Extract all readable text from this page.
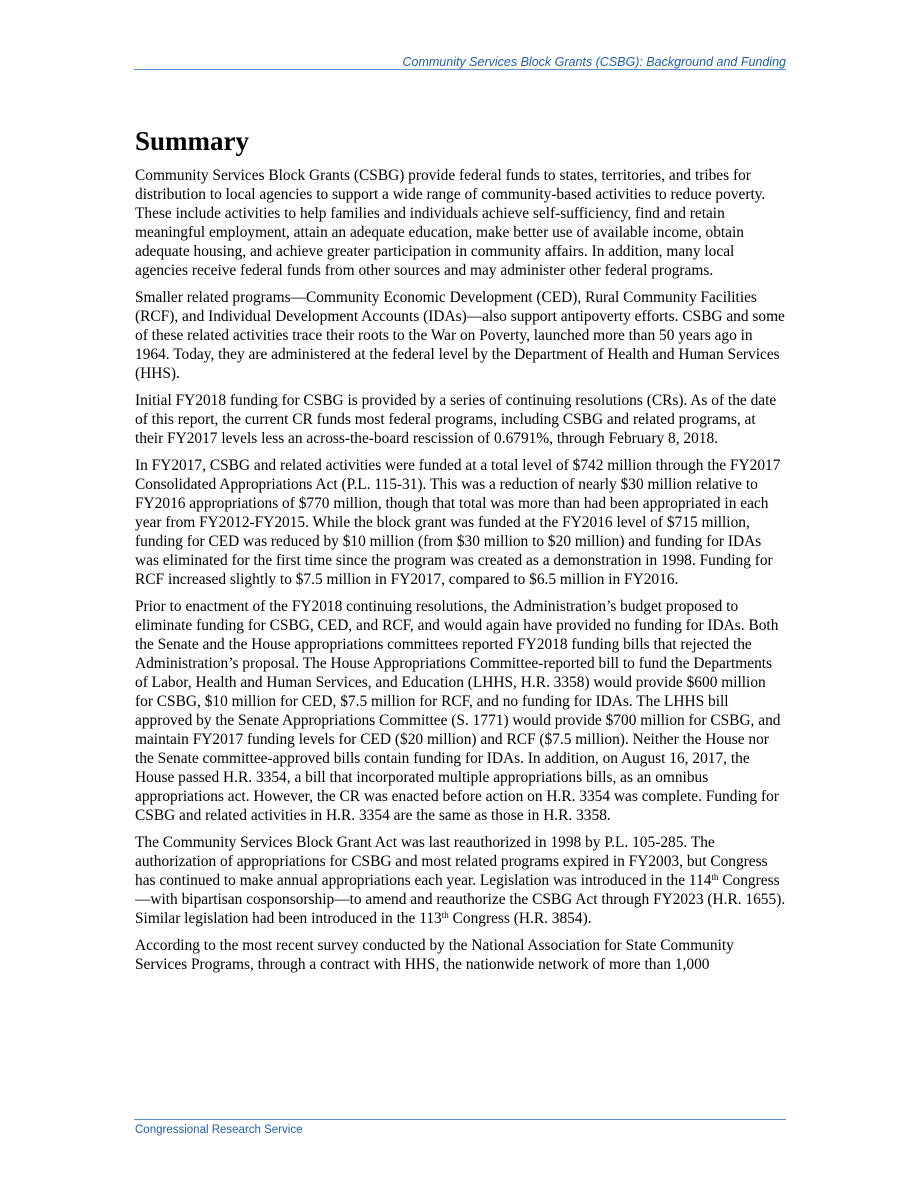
Community Services Block Grants (CSBG): Background and Funding
Summary

Community Services Block Grants (CSBG) provide federal funds to states, territories, and tribes for distribution to local agencies to support a wide range of community-based activities to reduce poverty. These include activities to help families and individuals achieve self-sufficiency, find and retain meaningful employment, attain an adequate education, make better use of available income, obtain adequate housing, and achieve greater participation in community affairs. In addition, many local agencies receive federal funds from other sources and may administer other federal programs.

Smaller related programs—Community Economic Development (CED), Rural Community Facilities (RCF), and Individual Development Accounts (IDAs)—also support antipoverty efforts. CSBG and some of these related activities trace their roots to the War on Poverty, launched more than 50 years ago in 1964. Today, they are administered at the federal level by the Department of Health and Human Services (HHS).

Initial FY2018 funding for CSBG is provided by a series of continuing resolutions (CRs). As of the date of this report, the current CR funds most federal programs, including CSBG and related programs, at their FY2017 levels less an across-the-board rescission of 0.6791%, through February 8, 2018.

In FY2017, CSBG and related activities were funded at a total level of $742 million through the FY2017 Consolidated Appropriations Act (P.L. 115-31). This was a reduction of nearly $30 million relative to FY2016 appropriations of $770 million, though that total was more than had been appropriated in each year from FY2012-FY2015. While the block grant was funded at the FY2016 level of $715 million, funding for CED was reduced by $10 million (from $30 million to $20 million) and funding for IDAs was eliminated for the first time since the program was created as a demonstration in 1998. Funding for RCF increased slightly to $7.5 million in FY2017, compared to $6.5 million in FY2016.

Prior to enactment of the FY2018 continuing resolutions, the Administration’s budget proposed to eliminate funding for CSBG, CED, and RCF, and would again have provided no funding for IDAs. Both the Senate and the House appropriations committees reported FY2018 funding bills that rejected the Administration’s proposal. The House Appropriations Committee-reported bill to fund the Departments of Labor, Health and Human Services, and Education (LHHS, H.R. 3358) would provide $600 million for CSBG, $10 million for CED, $7.5 million for RCF, and no funding for IDAs. The LHHS bill approved by the Senate Appropriations Committee (S. 1771) would provide $700 million for CSBG, and maintain FY2017 funding levels for CED ($20 million) and RCF ($7.5 million). Neither the House nor the Senate committee-approved bills contain funding for IDAs. In addition, on August 16, 2017, the House passed H.R. 3354, a bill that incorporated multiple appropriations bills, as an omnibus appropriations act. However, the CR was enacted before action on H.R. 3354 was complete. Funding for CSBG and related activities in H.R. 3354 are the same as those in H.R. 3358.

The Community Services Block Grant Act was last reauthorized in 1998 by P.L. 105-285. The authorization of appropriations for CSBG and most related programs expired in FY2003, but Congress has continued to make annual appropriations each year. Legislation was introduced in the 114th Congress—with bipartisan cosponsorship—to amend and reauthorize the CSBG Act through FY2023 (H.R. 1655). Similar legislation had been introduced in the 113th Congress (H.R. 3854).

According to the most recent survey conducted by the National Association for State Community Services Programs, through a contract with HHS, the nationwide network of more than 1,000

Congressional Research Service
